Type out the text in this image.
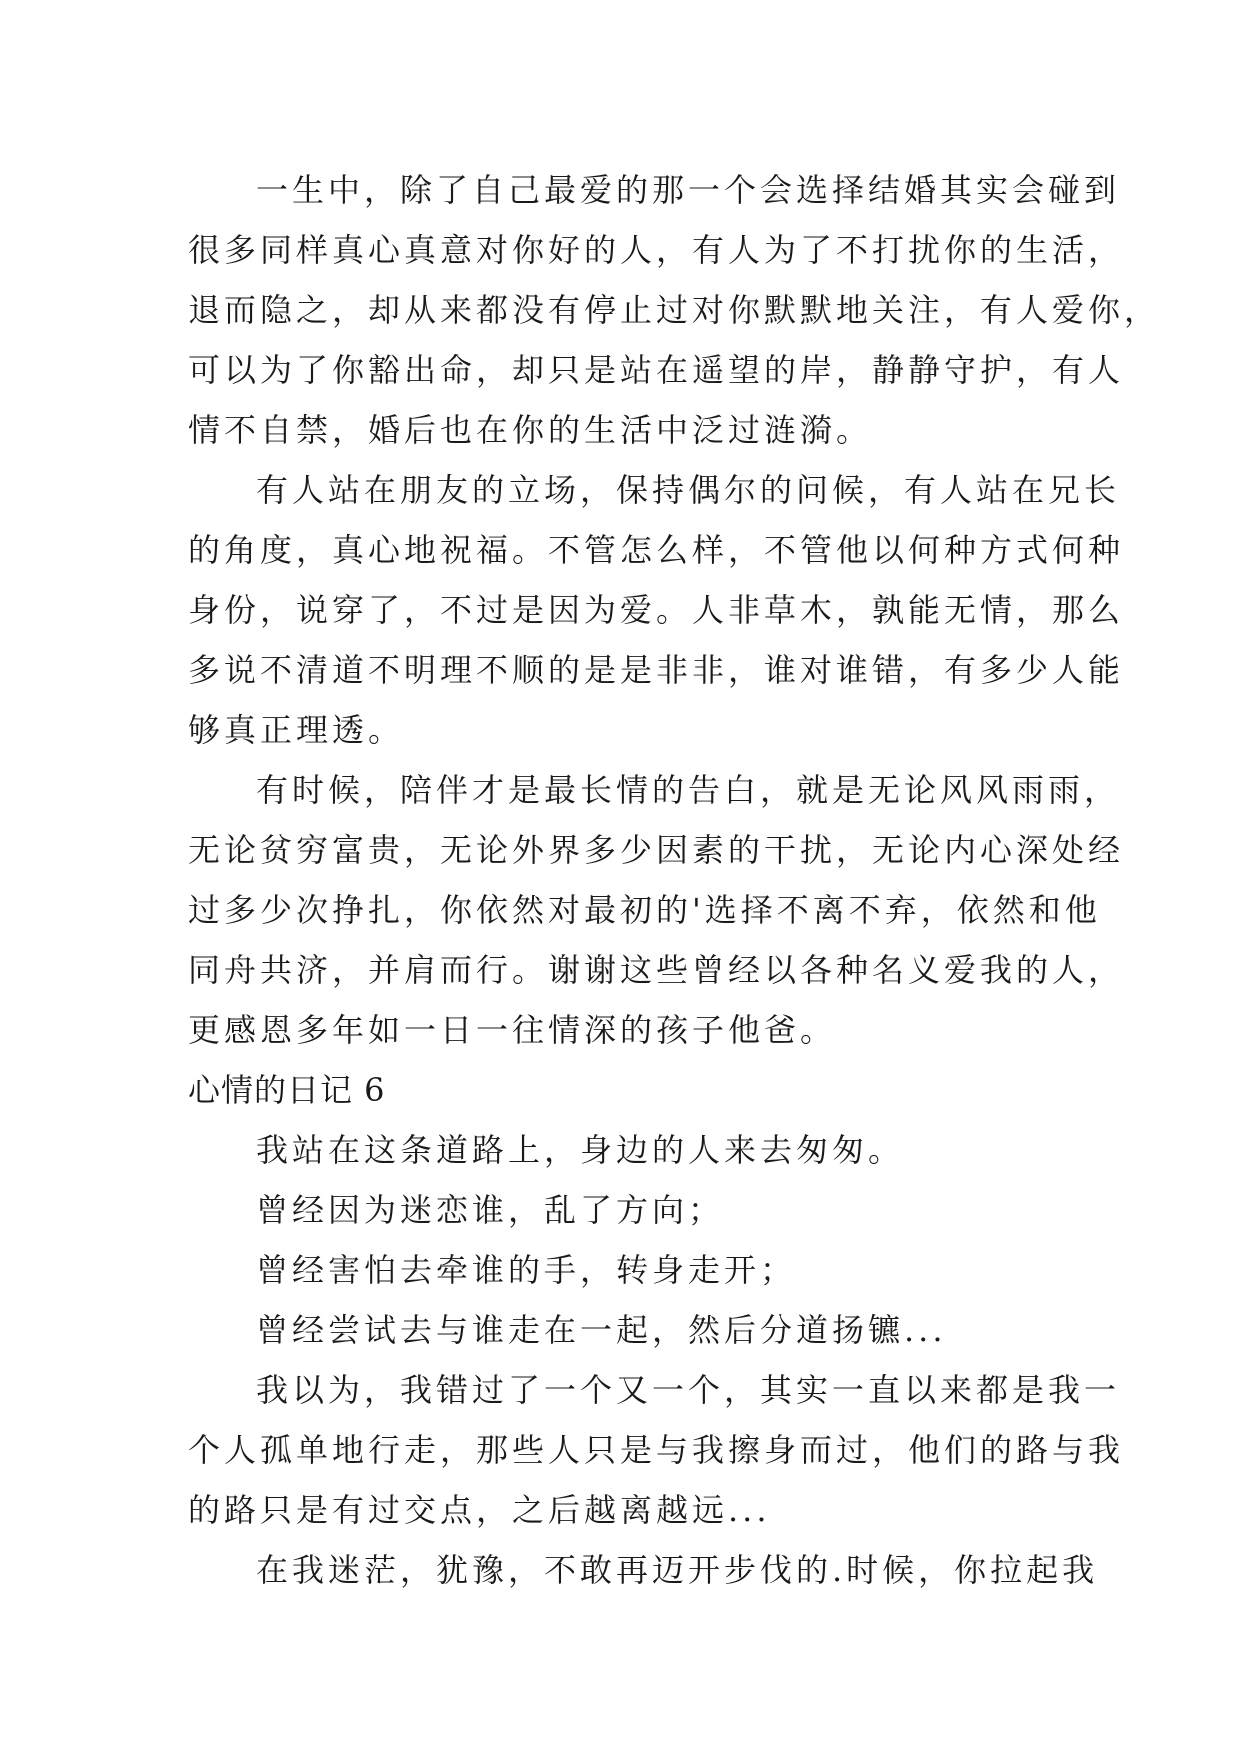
一生中，除了自己最爱的那一个会选择结婚其实会碰到
很多同样真心真意对你好的人，有人为了不打扰你的生活，
退而隐之，却从来都没有停止过对你默默地关注，有人爱你，
可以为了你豁出命，却只是站在遥望的岸，静静守护，有人
情不自禁，婚后也在你的生活中泛过涟漪。
有人站在朋友的立场，保持偶尔的问候，有人站在兄长
的角度，真心地祝福。不管怎么样，不管他以何种方式何种
身份，说穿了，不过是因为爱。人非草木，孰能无情，那么
多说不清道不明理不顺的是是非非，谁对谁错，有多少人能
够真正理透。
有时候，陪伴才是最长情的告白，就是无论风风雨雨，
无论贫穷富贵，无论外界多少因素的干扰，无论内心深处经
过多少次挣扎，你依然对最初的'选择不离不弃，依然和他
同舟共济，并肩而行。谢谢这些曾经以各种名义爱我的人，
更感恩多年如一日一往情深的孩子他爸。
心情的日记 6
我站在这条道路上，身边的人来去匆匆。
曾经因为迷恋谁，乱了方向；
曾经害怕去牵谁的手，转身走开；
曾经尝试去与谁走在一起，然后分道扬镳...
我以为，我错过了一个又一个，其实一直以来都是我一
个人孤单地行走，那些人只是与我擦身而过，他们的路与我
的路只是有过交点，之后越离越远...
在我迷茫，犹豫，不敢再迈开步伐的.时候，你拉起我
